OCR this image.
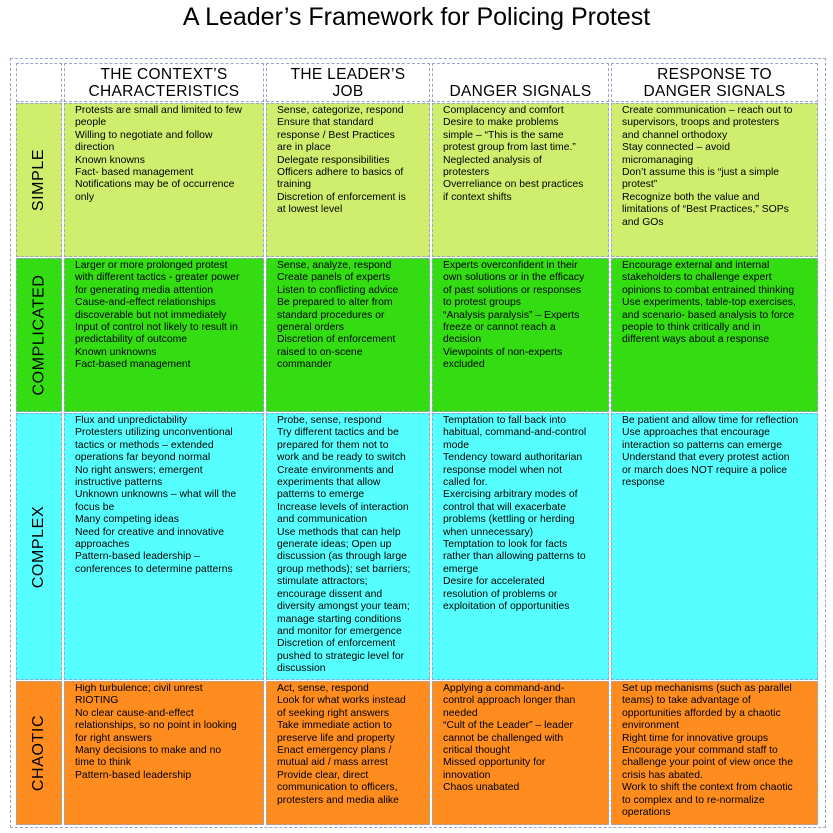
A Leader’s Framework for Policing Protest
THE CONTEXT’S
CHARACTERISTICS
THE LEADER’S
JOB
	DANGER SIGNALS
RESPONSE TO
DANGER SIGNALS
SIMPLE
Protests are small and limited to few
people
Willing to negotiate and follow
direction
Known knowns
Fact- based management
Notifications may be of occurrence
only
Sense, categorize, respond
Ensure that standard
response / Best Practices
are in place
Delegate responsibilities
Officers adhere to basics of
training
Discretion of enforcement is
at lowest level
Complacency and comfort
Desire to make problems
simple – “This is the same
protest group from last time.”
Neglected analysis of
protesters
Overreliance on best practices
if context shifts
Create communication – reach out to
supervisors, troops and protesters
and channel orthodoxy
Stay connected – avoid
micromanaging
Don’t assume this is “just a simple
protest”
Recognize both the value and
limitations of “Best Practices,” SOPs
and GOs
COMPLICATED
Larger or more prolonged protest
with different tactics - greater power
for generating media attention
Cause-and-effect relationships
discoverable but not immediately
Input of control not likely to result in
predictability of outcome
Known unknowns
Fact-based management
Sense, analyze, respond
Create panels of experts
Listen to conflicting advice
Be prepared to alter from
standard procedures or
general orders
Discretion of enforcement
raised to on-scene
commander
Experts overconfident in their
own solutions or in the efficacy
of past solutions or responses
to protest groups
“Analysis paralysis” – Experts
freeze or cannot reach a
decision
Viewpoints of non-experts
excluded
Encourage external and internal
stakeholders to challenge expert
opinions to combat entrained thinking
Use experiments, table-top exercises,
and scenario- based analysis to force
people to think critically and in
different ways about a response
COMPLEX
Flux and unpredictability
Protesters utilizing unconventional
tactics or methods – extended
operations far beyond normal
No right answers; emergent
instructive patterns
Unknown unknowns – what will the
focus be
Many competing ideas
Need for creative and innovative
approaches
Pattern-based leadership –
conferences to determine patterns
Probe, sense, respond
Try different tactics and be
prepared for them not to
work and be ready to switch
Create environments and
experiments that allow
patterns to emerge
Increase levels of interaction
and communication
Use methods that can help
generate ideas; Open up
discussion (as through large
group methods); set barriers;
stimulate attractors;
encourage dissent and
diversity amongst your team;
manage starting conditions
and monitor for emergence
Discretion of enforcement
pushed to strategic level for
discussion
Temptation to fall back into
habitual, command-and-control
mode
Tendency toward authoritarian
response model when not
called for.
Exercising arbitrary modes of
control that will exacerbate
problems (kettling or herding
when unnecessary)
Temptation to look for facts
rather than allowing patterns to
emerge
Desire for accelerated
resolution of problems or
exploitation of opportunities
Be patient and allow time for reflection
Use approaches that encourage
interaction so patterns can emerge
Understand that every protest action
or march does NOT require a police
response
CHAOTIC
High turbulence; civil unrest
RIOTING
No clear cause-and-effect
relationships, so no point in looking
for right answers
Many decisions to make and no
time to think
Pattern-based leadership
Act, sense, respond
Look for what works instead
of seeking right answers
Take immediate action to
preserve life and property
Enact emergency plans /
mutual aid / mass arrest
Provide clear, direct
communication to officers,
protesters and media alike
Applying a command-and-
control approach longer than
needed
“Cult of the Leader” – leader
cannot be challenged with
critical thought
Missed opportunity for
innovation
Chaos unabated
Set up mechanisms (such as parallel
teams) to take advantage of
opportunities afforded by a chaotic
environment
Right time for innovative groups
Encourage your command staff to
challenge your point of view once the
crisis has abated.
Work to shift the context from chaotic
to complex and to re-normalize
operations
